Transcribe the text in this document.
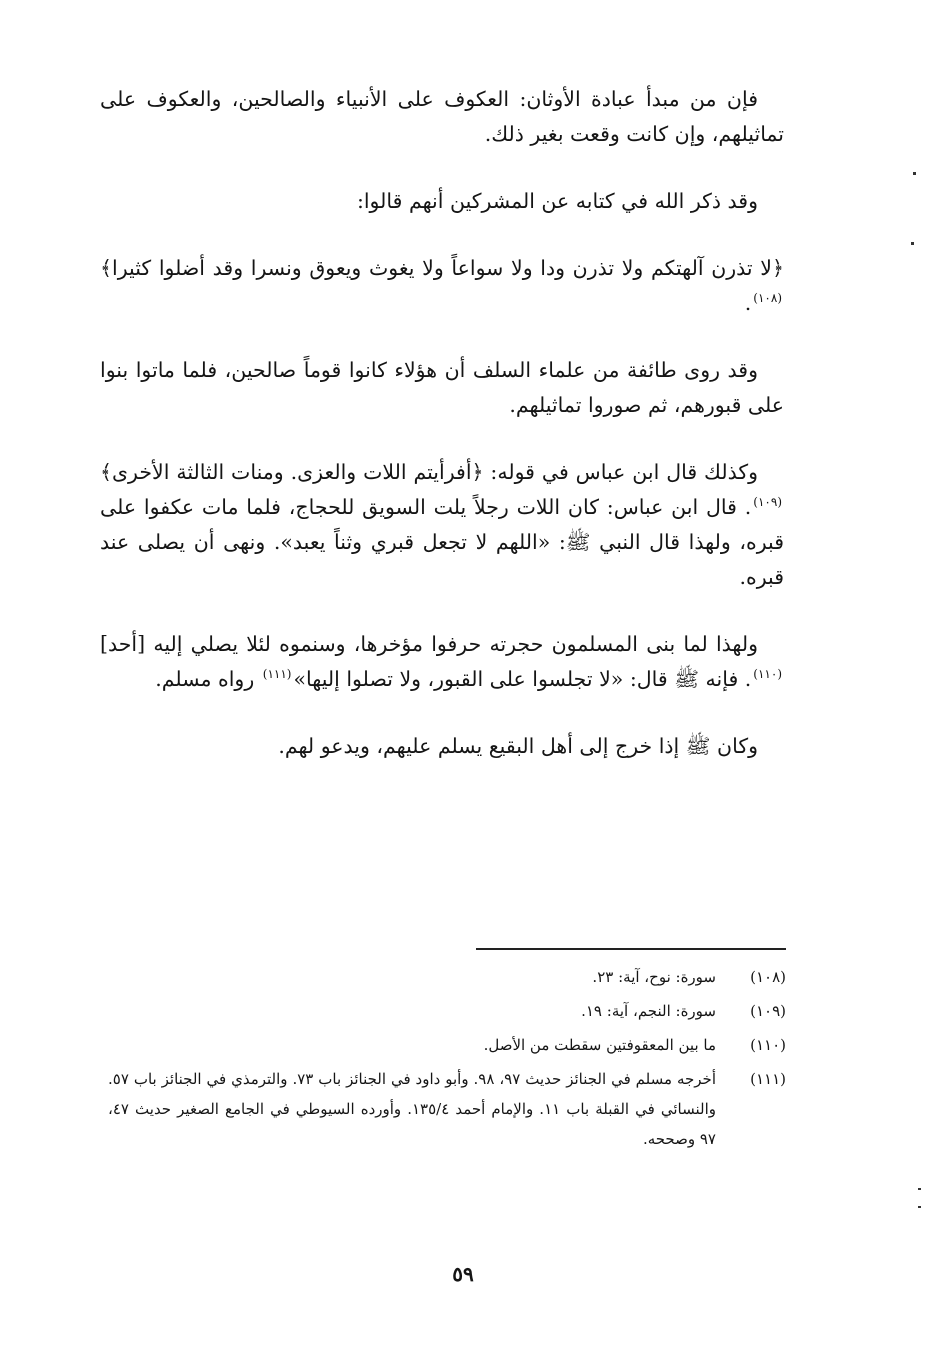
فإن من مبدأ عبادة الأوثان: العكوف على الأنبياء والصالحين، والعكوف على تماثيلهم، وإن كانت وقعت بغير ذلك.

وقد ذكر الله في كتابه عن المشركين أنهم قالوا:

﴿لا تذرن آلهتكم ولا تذرن ودا ولا سواعاً ولا يغوث ويعوق ونسرا وقد أضلوا كثيرا﴾$^{(١٠٨)}$.

وقد روى طائفة من علماء السلف أن هؤلاء كانوا قوماً صالحين، فلما ماتوا بنوا على قبورهم، ثم صوروا تماثيلهم.

وكذلك قال ابن عباس في قوله: ﴿أفرأيتم اللات والعزى. ومنات الثالثة الأخرى﴾$^{(١٠٩)}$. قال ابن عباس: كان اللات رجلاً يلت السويق للحجاج، فلما مات عكفوا على قبره، ولهذا قال النبي ﷺ: «اللهم لا تجعل قبري وثناً يعبد». ونهى أن يصلى عند قبره.

ولهذا لما بنى المسلمون حجرته حرفوا مؤخرها، وسنموه لئلا يصلي إليه [أحد]$^{(١١٠)}$. فإنه ﷺ قال: «لا تجلسوا على القبور، ولا تصلوا إليها»$^{(١١١)}$ رواه مسلم.

وكان ﷺ إذا خرج إلى أهل البقيع يسلم عليهم، ويدعو لهم.

(١٠٨)
سورة: نوح، آية: ٢٣.
(١٠٩)
سورة: النجم، آية: ١٩.
(١١٠)
ما بين المعقوفتين سقطت من الأصل.
(١١١)
أخرجه مسلم في الجنائز حديث ٩٧، ٩٨. وأبو داود في الجنائز باب ٧٣. والترمذي في الجنائز باب ٥٧. والنسائي في القبلة باب ١١. والإمام أحمد ١٣٥/٤. وأورده السيوطي في الجامع الصغير حديث ٤٧، ٩٧ وصححه.
٥٩
